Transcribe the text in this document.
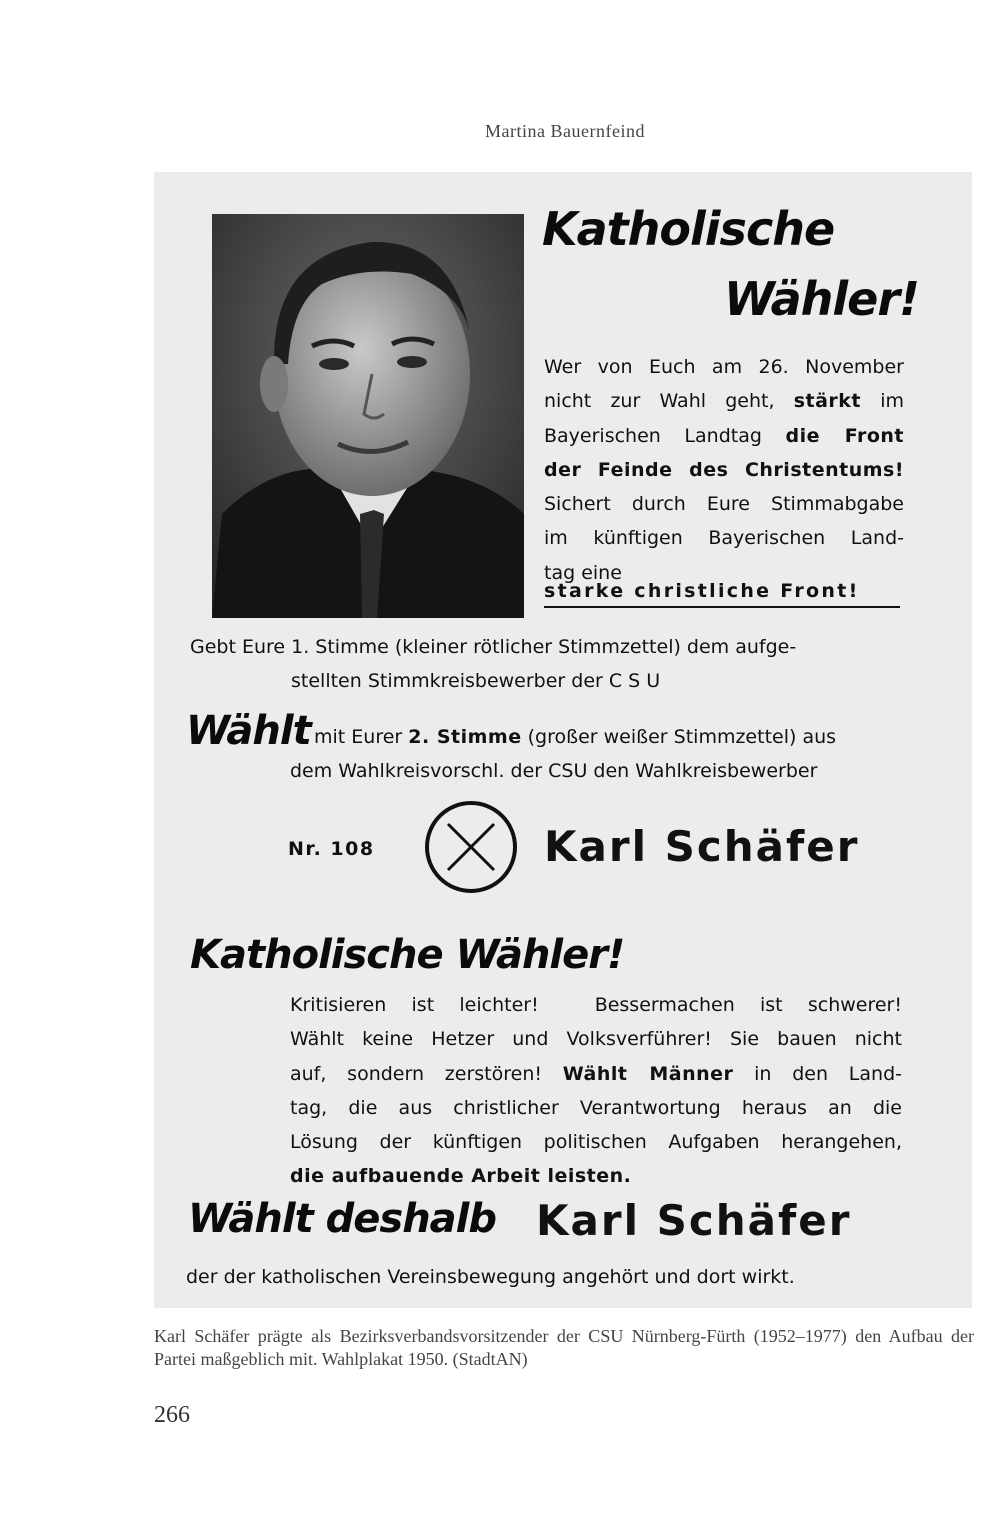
Martina Bauernfeind
Katholische
Wähler!
Wer von Euch am 26. November
nicht zur Wahl geht, stärkt im
Bayerischen Landtag die Front
der Feinde des Christentums!
Sichert durch Eure Stimmabgabe
im künftigen Bayerischen Land-
tag eine
starke christliche Front!
Gebt Eure 1. Stimme (kleiner rötlicher Stimmzettel) dem aufge-
stellten Stimmkreisbewerber der C S U
Wählt mit Eurer 2. Stimme (großer weißer Stimmzettel) aus
dem Wahlkreisvorschl. der CSU den Wahlkreisbewerber
Nr. 108	Karl Schäfer
Katholische Wähler!
Kritisieren ist leichter!	Bessermachen ist schwerer!
Wählt keine Hetzer und Volksverführer! Sie bauen nicht
auf, sondern zerstören! Wählt Männer in den Land-
tag, die aus christlicher Verantwortung heraus an die
Lösung der künftigen politischen Aufgaben herangehen,
die aufbauende Arbeit leisten.
Wählt deshalb Karl Schäfer
der der katholischen Vereinsbewegung angehört und dort wirkt.
Karl Schäfer prägte als Bezirksverbandsvorsitzender der CSU Nürnberg-Fürth (1952–1977) den Aufbau der Partei maßgeblich mit. Wahlplakat 1950. (StadtAN)
266
